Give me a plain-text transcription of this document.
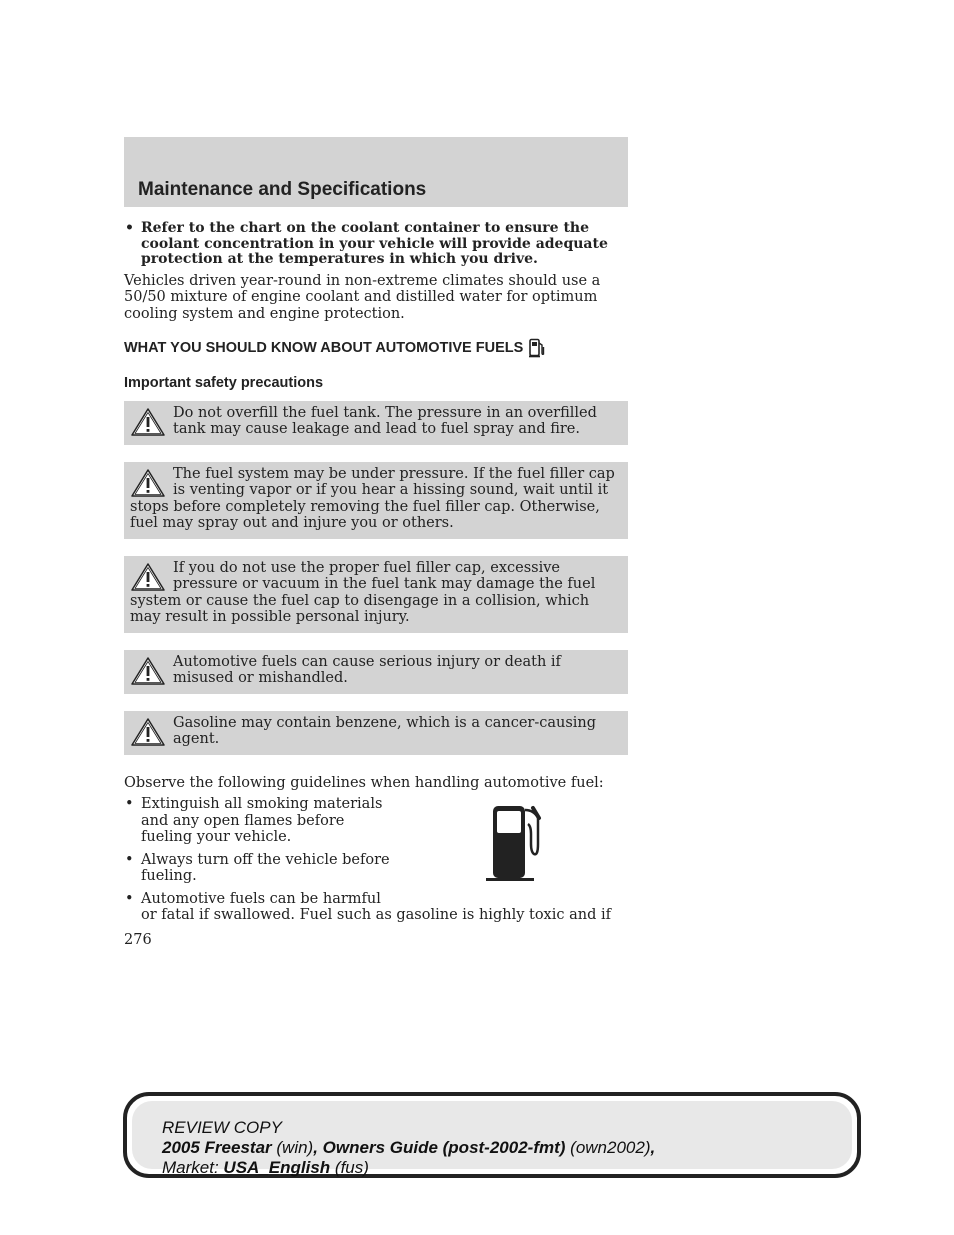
Maintenance and Specifications
• Refer to the chart on the coolant container to ensure the coolant concentration in your vehicle will provide adequate protection at the temperatures in which you drive.

Vehicles driven year-round in non-extreme climates should use a 50/50 mixture of engine coolant and distilled water for optimum cooling system and engine protection.

WHAT YOU SHOULD KNOW ABOUT AUTOMOTIVE FUELS
Important safety precautions

Do not overfill the fuel tank. The pressure in an overfilled tank may cause leakage and lead to fuel spray and fire.

The fuel system may be under pressure. If the fuel filler cap is venting vapor or if you hear a hissing sound, wait until it stops before completely removing the fuel filler cap. Otherwise, fuel may spray out and injure you or others.

If you do not use the proper fuel filler cap, excessive pressure or vacuum in the fuel tank may damage the fuel system or cause the fuel cap to disengage in a collision, which may result in possible personal injury.

Automotive fuels can cause serious injury or death if misused or mishandled.

Gasoline may contain benzene, which is a cancer-causing agent.

Observe the following guidelines when handling automotive fuel:

• Extinguish all smoking materials and any open flames before fueling your vehicle.
• Always turn off the vehicle before fueling.
• Automotive fuels can be harmful

or fatal if swallowed. Fuel such as gasoline is highly toxic and if

276

REVIEW COPY
2005 Freestar (win), Owners Guide (post-2002-fmt) (own2002),
Market: USA_English (fus)
